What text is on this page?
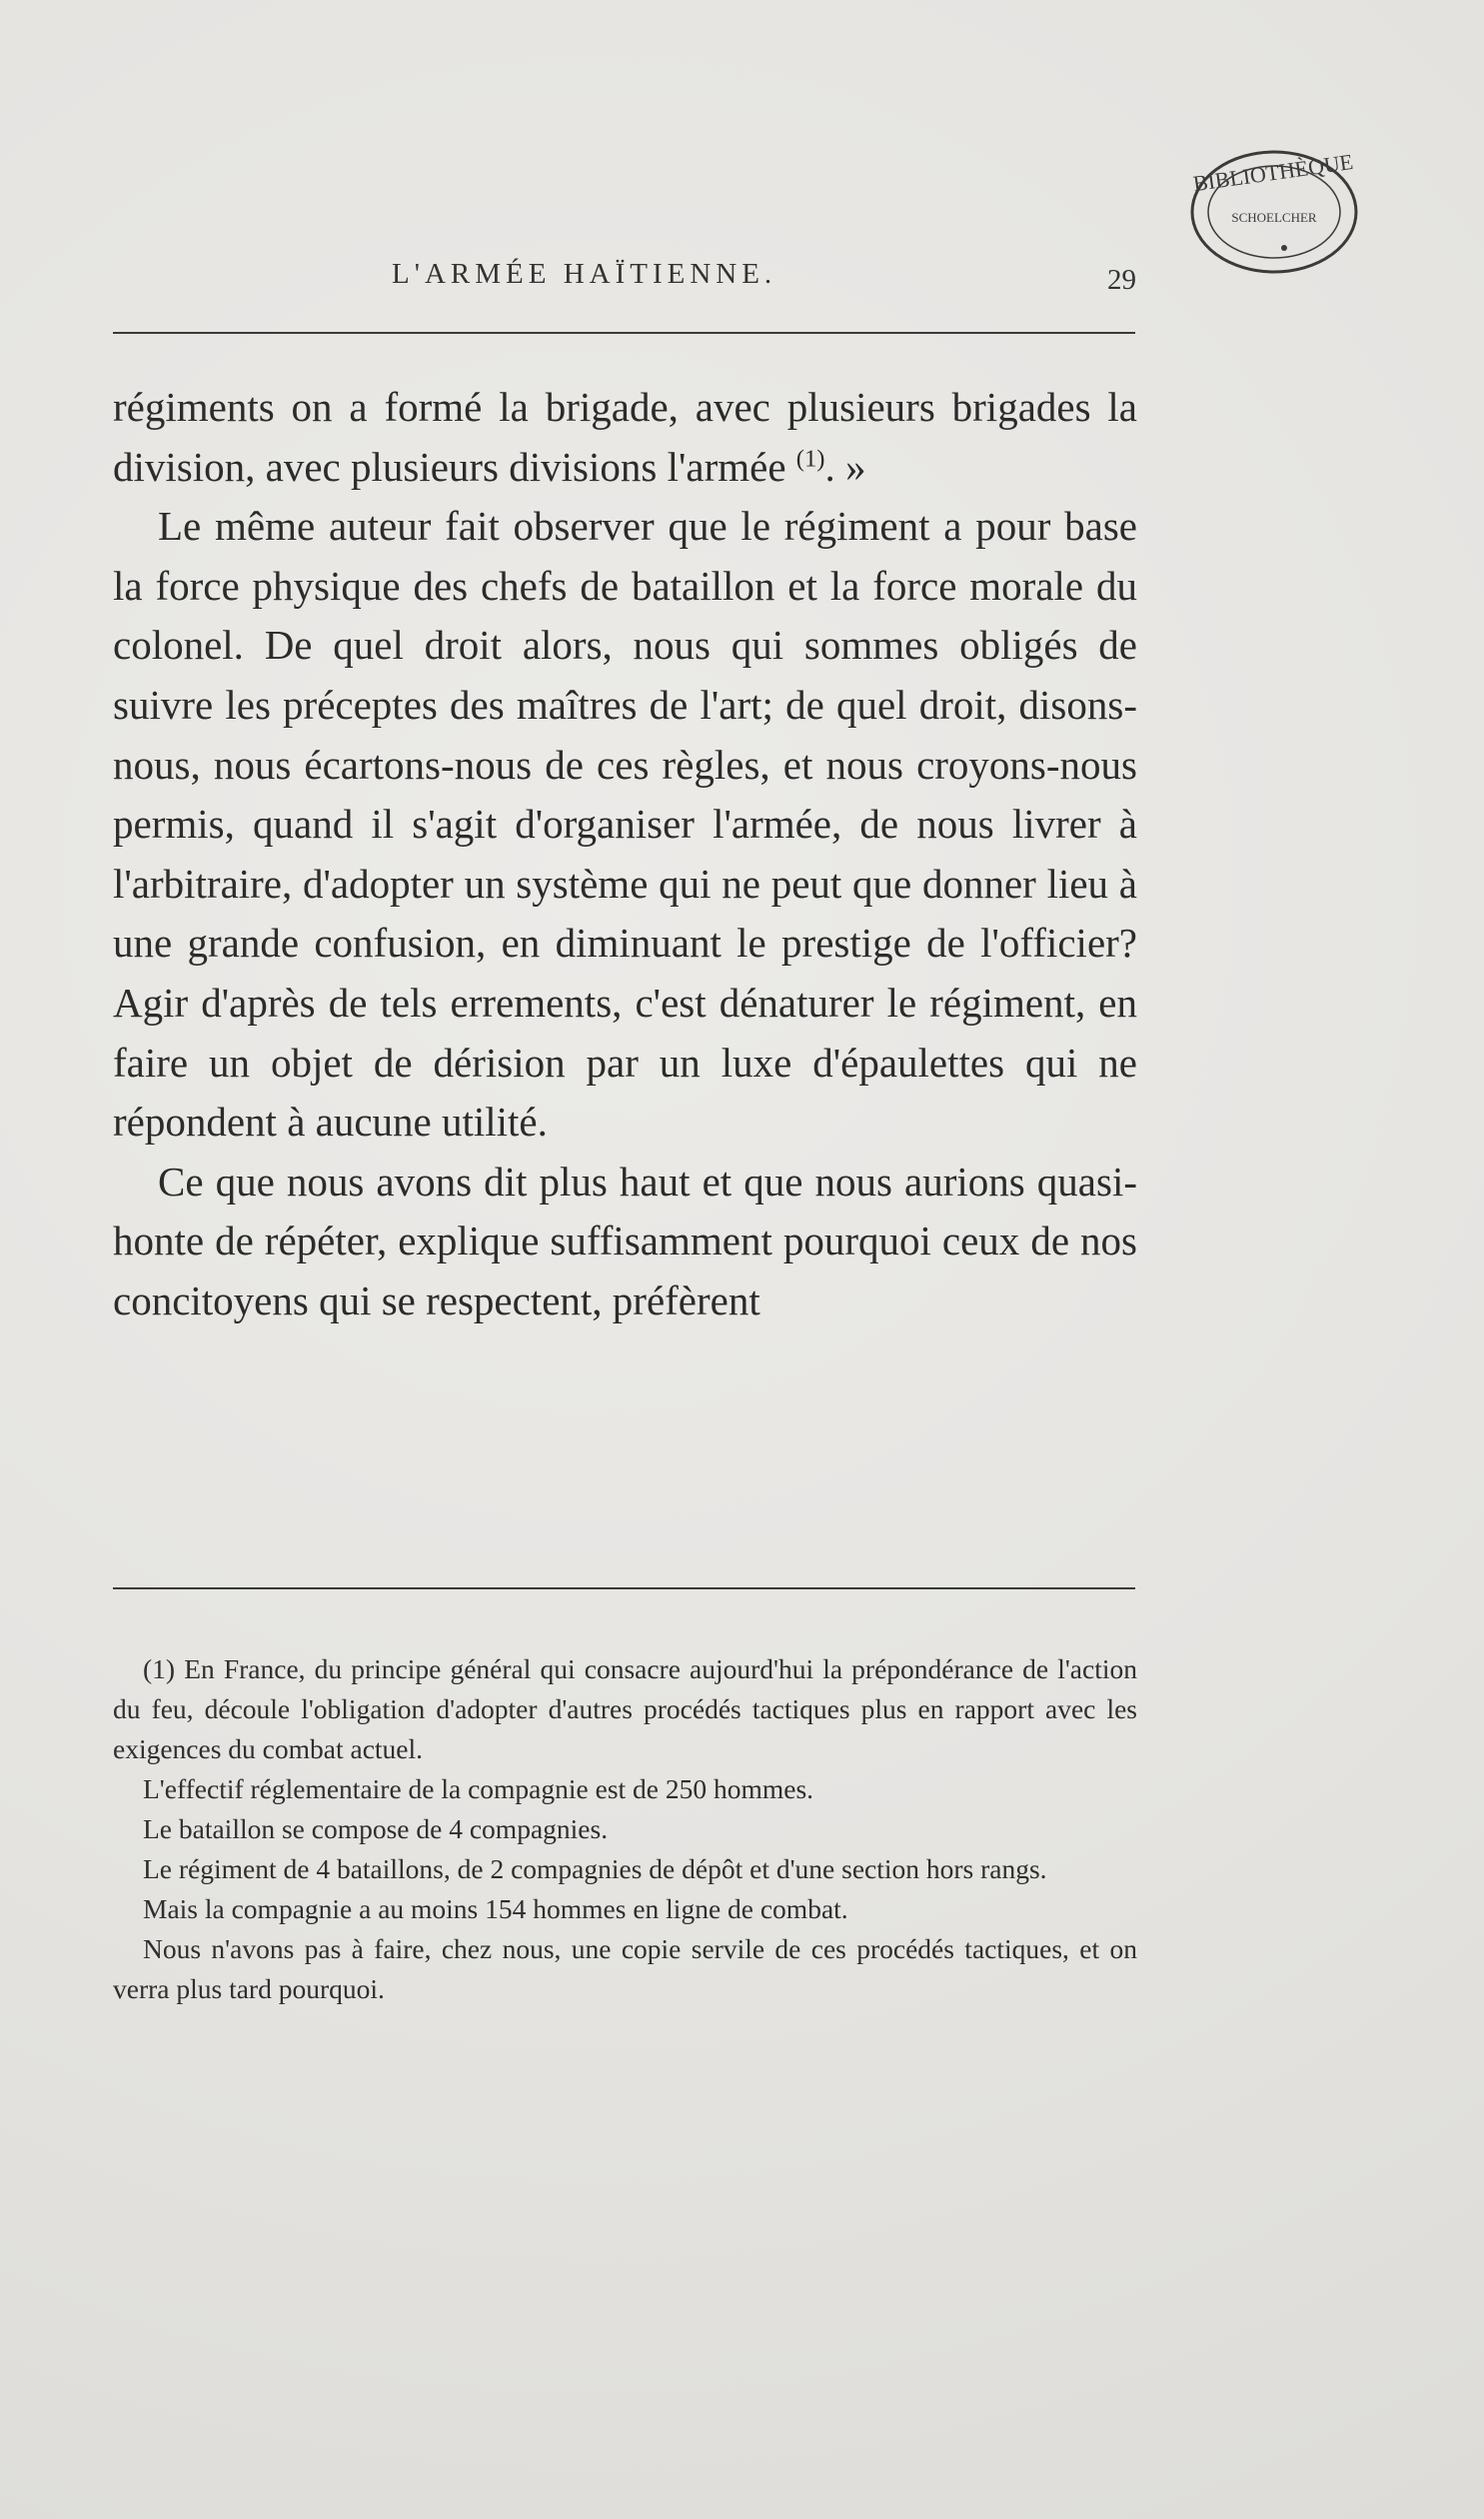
BIBLIOTHÈQUE
SCHOELCHER
L'ARMÉE HAÏTIENNE.	29

régiments on a formé la brigade, avec plusieurs brigades la division, avec plusieurs divisions l'armée $^{(1)}$. »

Le même auteur fait observer que le régiment a pour base la force physique des chefs de bataillon et la force morale du colonel. De quel droit alors, nous qui sommes obligés de suivre les préceptes des maîtres de l'art; de quel droit, disons-nous, nous écartons-nous de ces règles, et nous croyons-nous permis, quand il s'agit d'organiser l'armée, de nous livrer à l'arbitraire, d'adopter un système qui ne peut que donner lieu à une grande confusion, en diminuant le prestige de l'officier? Agir d'après de tels errements, c'est dénaturer le régiment, en faire un objet de dérision par un luxe d'épaulettes qui ne répondent à aucune utilité.

Ce que nous avons dit plus haut et que nous aurions quasi-honte de répéter, explique suffisamment pourquoi ceux de nos concitoyens qui se respectent, préfèrent

(1) En France, du principe général qui consacre aujourd'hui la prépondérance de l'action du feu, découle l'obligation d'adopter d'autres procédés tactiques plus en rapport avec les exigences du combat actuel.

L'effectif réglementaire de la compagnie est de 250 hommes.

Le bataillon se compose de 4 compagnies.

Le régiment de 4 bataillons, de 2 compagnies de dépôt et d'une section hors rangs.

Mais la compagnie a au moins 154 hommes en ligne de combat.

Nous n'avons pas à faire, chez nous, une copie servile de ces procédés tactiques, et on verra plus tard pourquoi.
